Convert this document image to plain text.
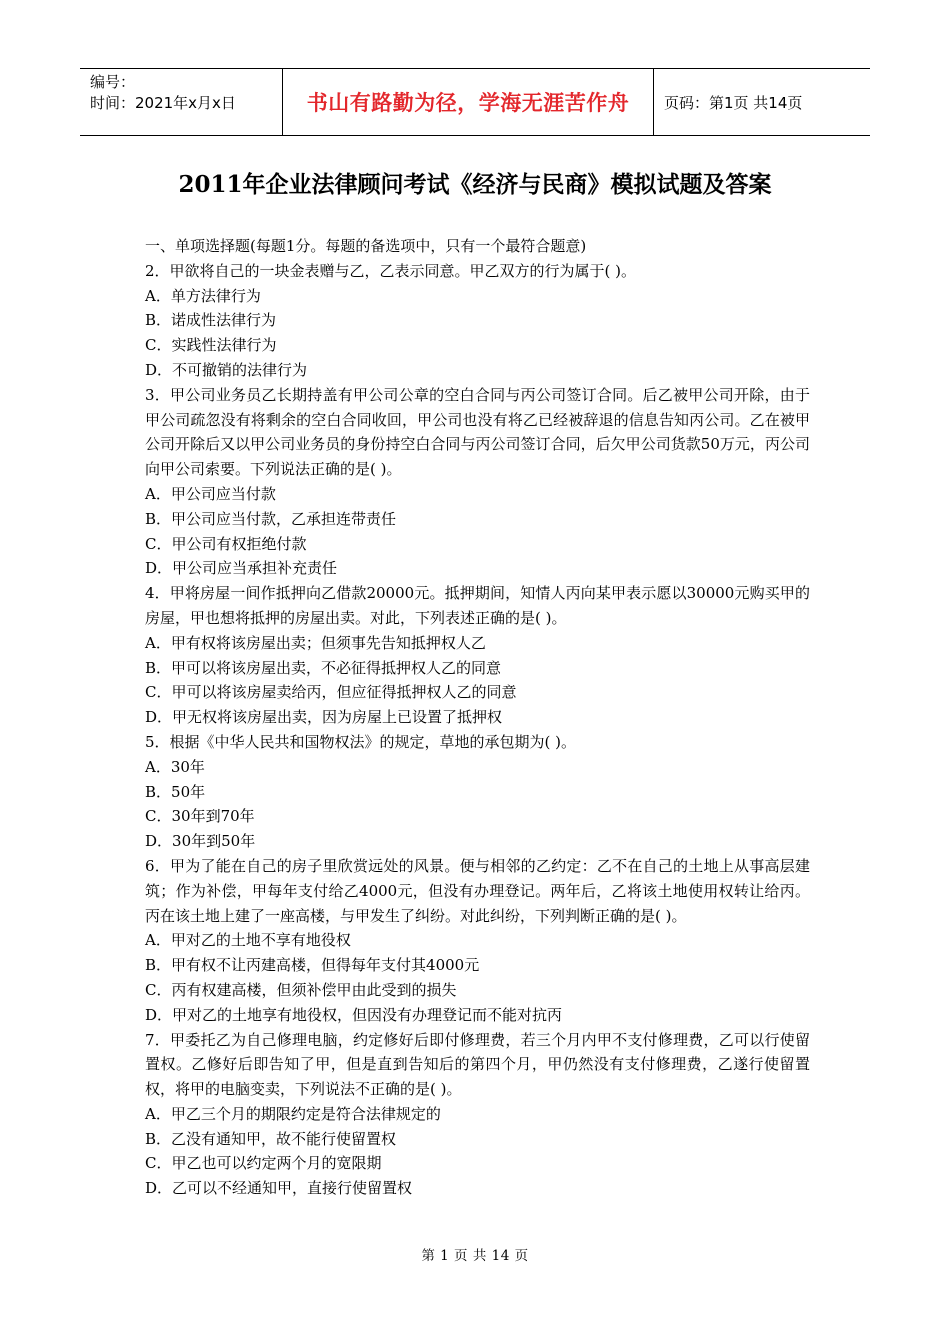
编号：
时间：2021年x月x日	书山有路勤为径，学海无涯苦作舟	页码：第1页 共14页
2011年企业法律顾问考试《经济与民商》模拟试题及答案

一、单项选择题(每题1分。每题的备选项中，只有一个最符合题意)

2．甲欲将自己的一块金表赠与乙，乙表示同意。甲乙双方的行为属于( )。

A．单方法律行为

B．诺成性法律行为

C．实践性法律行为

D．不可撤销的法律行为

3．甲公司业务员乙长期持盖有甲公司公章的空白合同与丙公司签订合同。后乙被甲公司开除，由于甲公司疏忽没有将剩余的空白合同收回，甲公司也没有将乙已经被辞退的信息告知丙公司。乙在被甲公司开除后又以甲公司业务员的身份持空白合同与丙公司签订合同，后欠甲公司货款50万元，丙公司向甲公司索要。下列说法正确的是( )。

A．甲公司应当付款

B．甲公司应当付款，乙承担连带责任

C．甲公司有权拒绝付款

D．甲公司应当承担补充责任

4．甲将房屋一间作抵押向乙借款20000元。抵押期间，知情人丙向某甲表示愿以30000元购买甲的房屋，甲也想将抵押的房屋出卖。对此，下列表述正确的是( )。

A．甲有权将该房屋出卖；但须事先告知抵押权人乙

B．甲可以将该房屋出卖，不必征得抵押权人乙的同意

C．甲可以将该房屋卖给丙，但应征得抵押权人乙的同意

D．甲无权将该房屋出卖，因为房屋上已设置了抵押权

5．根据《中华人民共和国物权法》的规定，草地的承包期为( )。

A．30年

B．50年

C．30年到70年

D．30年到50年

6．甲为了能在自己的房子里欣赏远处的风景。便与相邻的乙约定：乙不在自己的土地上从事高层建筑；作为补偿，甲每年支付给乙4000元，但没有办理登记。两年后，乙将该土地使用权转让给丙。丙在该土地上建了一座高楼，与甲发生了纠纷。对此纠纷，下列判断正确的是( )。

A．甲对乙的土地不享有地役权

B．甲有权不让丙建高楼，但得每年支付其4000元

C．丙有权建高楼，但须补偿甲由此受到的损失

D．甲对乙的土地享有地役权，但因没有办理登记而不能对抗丙

7．甲委托乙为自己修理电脑，约定修好后即付修理费，若三个月内甲不支付修理费，乙可以行使留置权。乙修好后即告知了甲，但是直到告知后的第四个月，甲仍然没有支付修理费，乙遂行使留置权，将甲的电脑变卖，下列说法不正确的是( )。

A．甲乙三个月的期限约定是符合法律规定的

B．乙没有通知甲，故不能行使留置权

C．甲乙也可以约定两个月的宽限期

D．乙可以不经通知甲，直接行使留置权

第 1 页 共 14 页
